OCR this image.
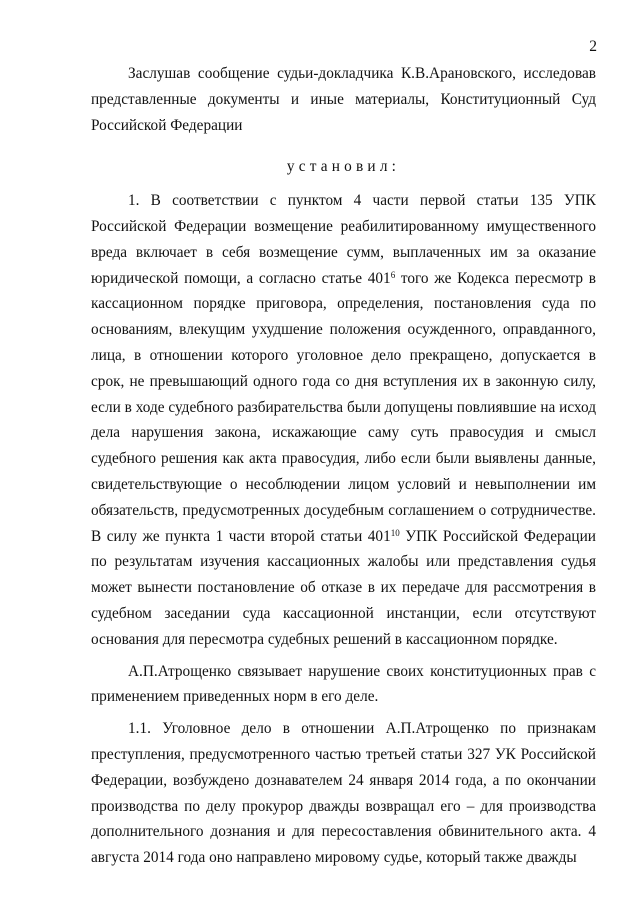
2

Заслушав сообщение судьи-докладчика К.В.Арановского, исследовав представленные документы и иные материалы, Конституционный Суд Российской Федерации

установил:

1. В соответствии с пунктом 4 части первой статьи 135 УПК Российской Федерации возмещение реабилитированному имущественного вреда включает в себя возмещение сумм, выплаченных им за оказание юридической помощи, а согласно статье $401^6$ того же Кодекса пересмотр в кассационном порядке приговора, определения, постановления суда по основаниям, влекущим ухудшение положения осужденного, оправданного, лица, в отношении которого уголовное дело прекращено, допускается в срок, не превышающий одного года со дня вступления их в законную силу, если в ходе судебного разбирательства были допущены повлиявшие на исход дела нарушения закона, искажающие саму суть правосудия и смысл судебного решения как акта правосудия, либо если были выявлены данные, свидетельствующие о несоблюдении лицом условий и невыполнении им обязательств, предусмотренных досудебным соглашением о сотрудничестве. В силу же пункта 1 части второй статьи $401^{10}$ УПК Российской Федерации по результатам изучения кассационных жалобы или представления судья может вынести постановление об отказе в их передаче для рассмотрения в судебном заседании суда кассационной инстанции, если отсутствуют основания для пересмотра судебных решений в кассационном порядке.

А.П.Атрощенко связывает нарушение своих конституционных прав с применением приведенных норм в его деле.

1.1. Уголовное дело в отношении А.П.Атрощенко по признакам преступления, предусмотренного частью третьей статьи 327 УК Российской Федерации, возбуждено дознавателем 24 января 2014 года, а по окончании производства по делу прокурор дважды возвращал его – для производства дополнительного дознания и для пересоставления обвинительного акта. 4 августа 2014 года оно направлено мировому судье, который также дважды
